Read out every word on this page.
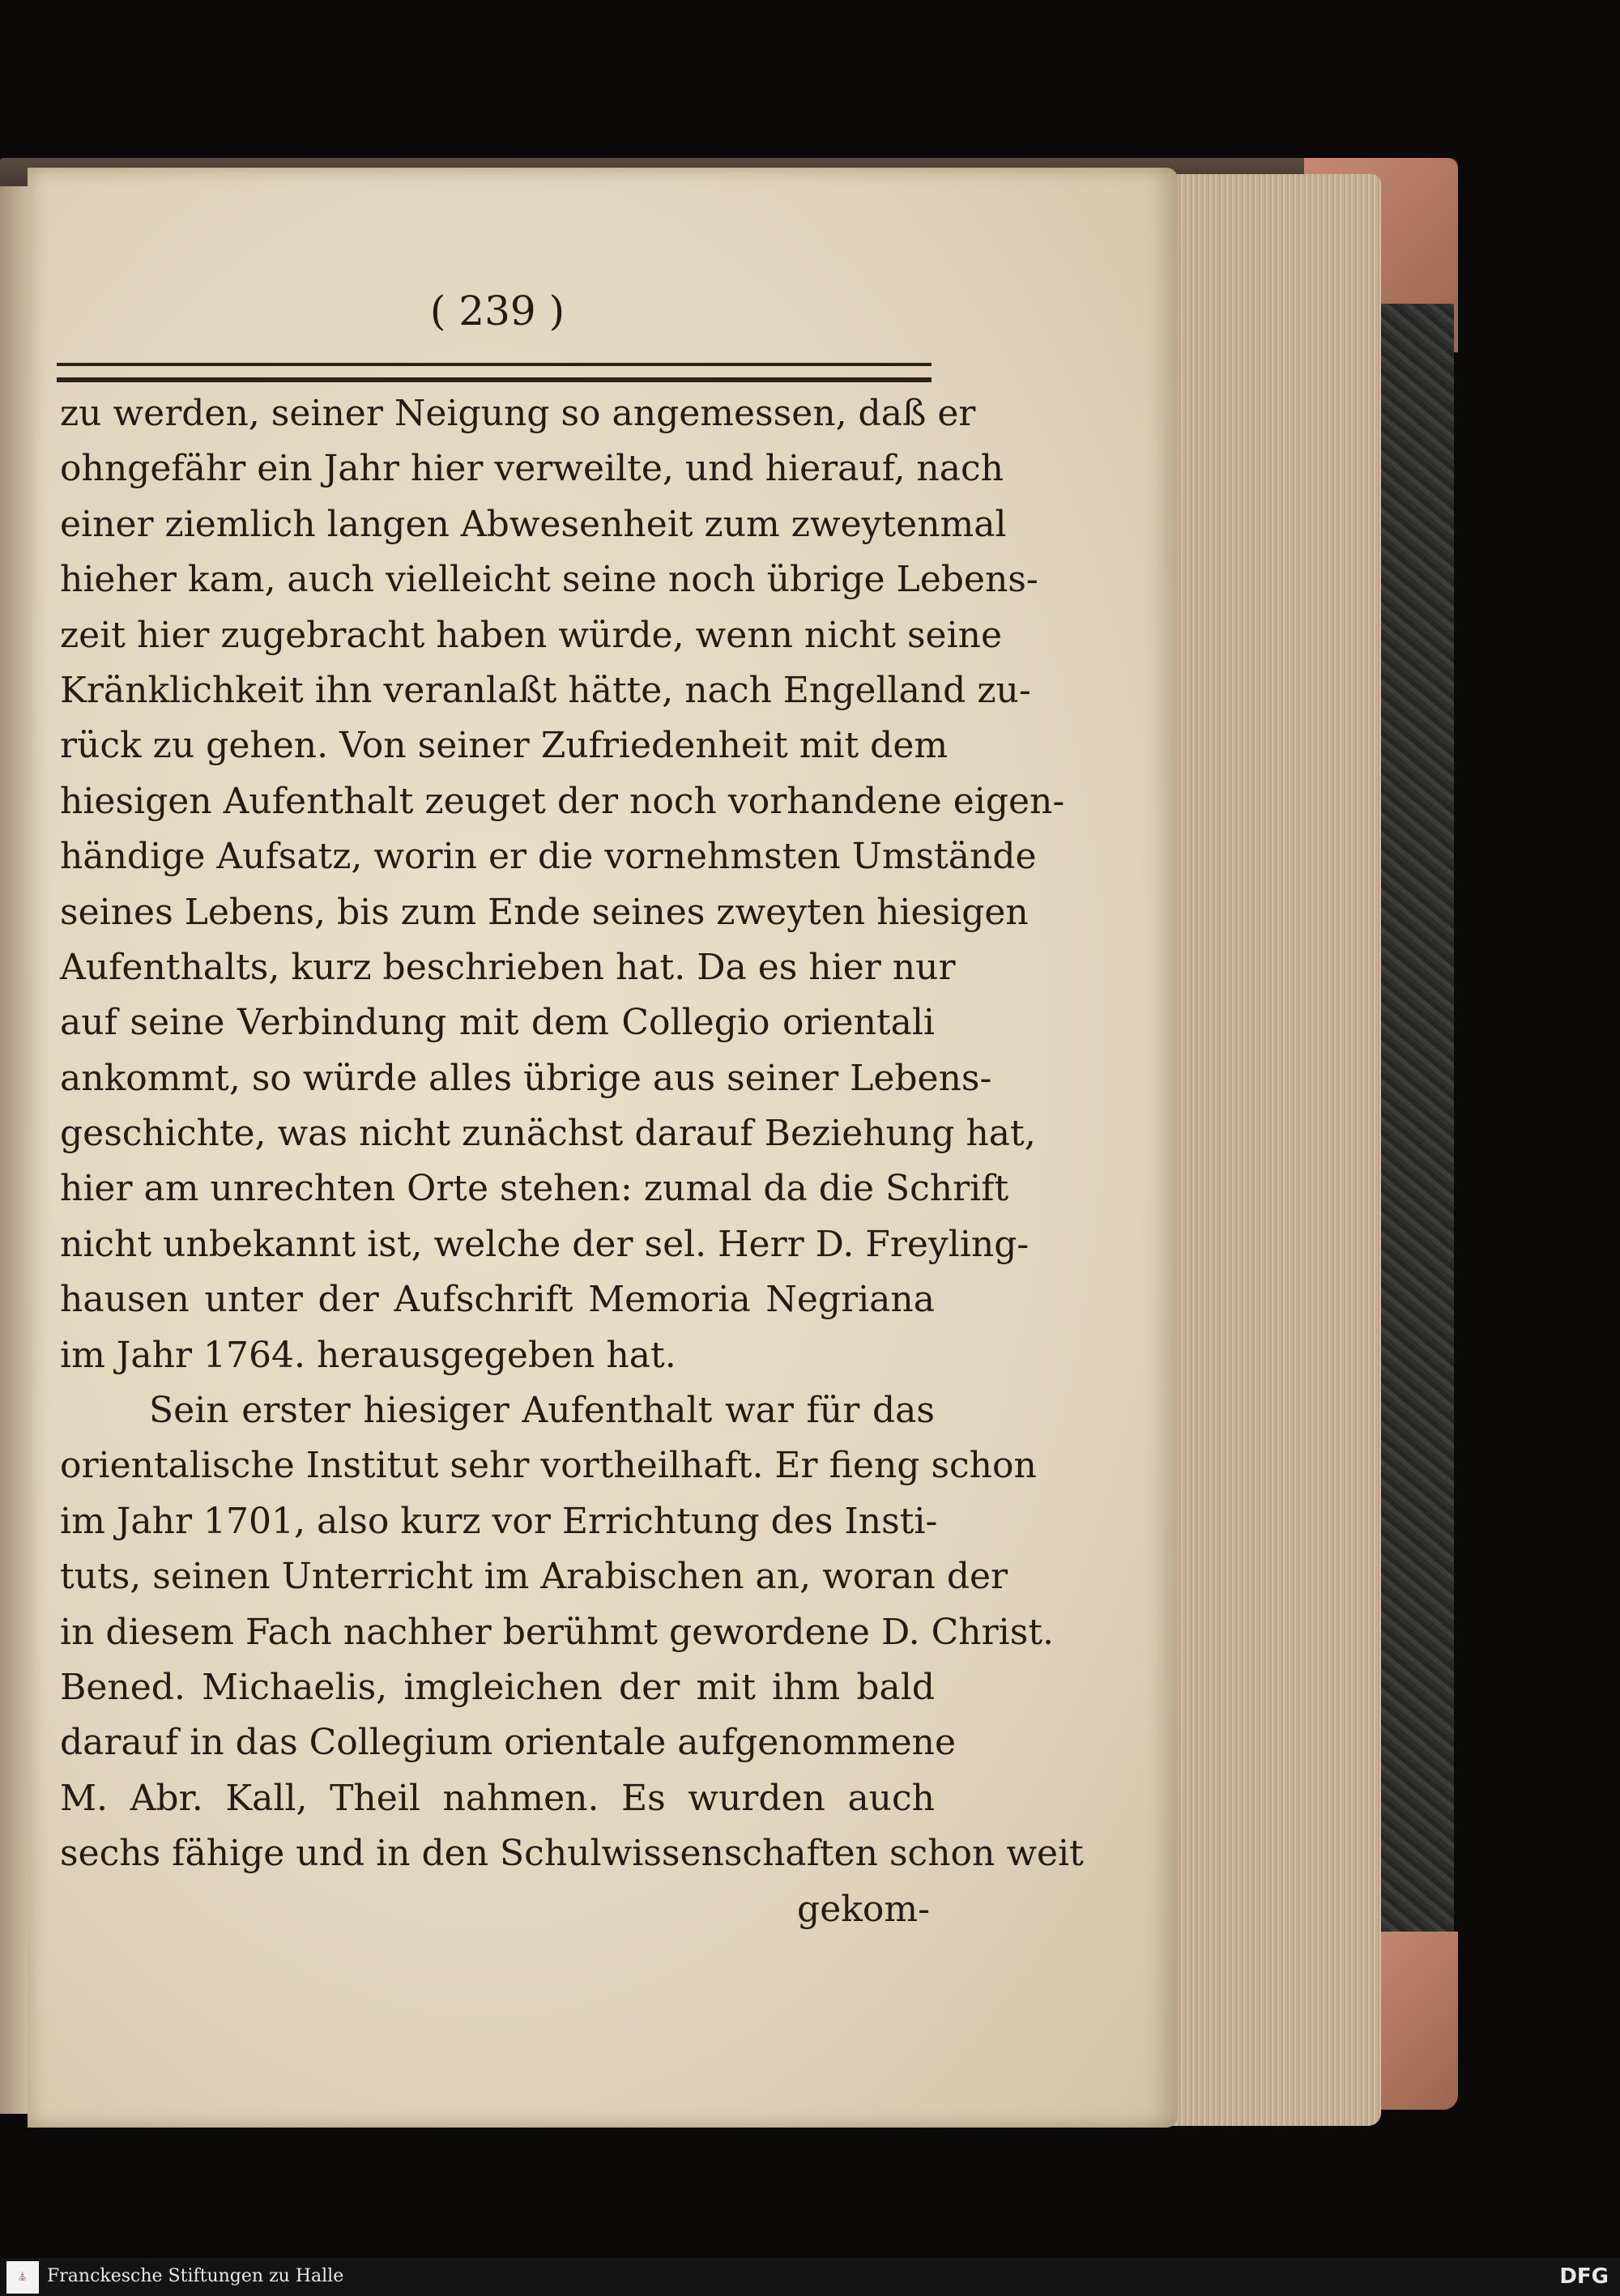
( 239 )
zu werden, seiner Neigung so angemessen, daß er
ohngefähr ein Jahr hier verweilte, und hierauf, nach
einer ziemlich langen Abwesenheit zum zweytenmal
hieher kam, auch vielleicht seine noch übrige Lebens-
zeit hier zugebracht haben würde, wenn nicht seine
Kränklichkeit ihn veranlaßt hätte, nach Engelland zu-
rück zu gehen. Von seiner Zufriedenheit mit dem
hiesigen Aufenthalt zeuget der noch vorhandene eigen-
händige Aufsatz, worin er die vornehmsten Umstände
seines Lebens, bis zum Ende seines zweyten hiesigen
Aufenthalts, kurz beschrieben hat. Da es hier nur
auf seine Verbindung mit dem Collegio orientali
ankommt, so würde alles übrige aus seiner Lebens-
geschichte, was nicht zunächst darauf Beziehung hat,
hier am unrechten Orte stehen: zumal da die Schrift
nicht unbekannt ist, welche der sel. Herr D. Freyling-
hausen unter der Aufschrift Memoria Negriana
im Jahr 1764. herausgegeben hat.
Sein erster hiesiger Aufenthalt war für das
orientalische Institut sehr vortheilhaft. Er fieng schon
im Jahr 1701, also kurz vor Errichtung des Insti-
tuts, seinen Unterricht im Arabischen an, woran der
in diesem Fach nachher berühmt gewordene D. Christ.
Bened. Michaelis, imgleichen der mit ihm bald
darauf in das Collegium orientale aufgenommene
M. Abr. Kall, Theil nahmen. Es wurden auch
sechs fähige und in den Schulwissenschaften schon weit
gekom-
⛪	Franckesche Stiftungen zu Halle	DFG
